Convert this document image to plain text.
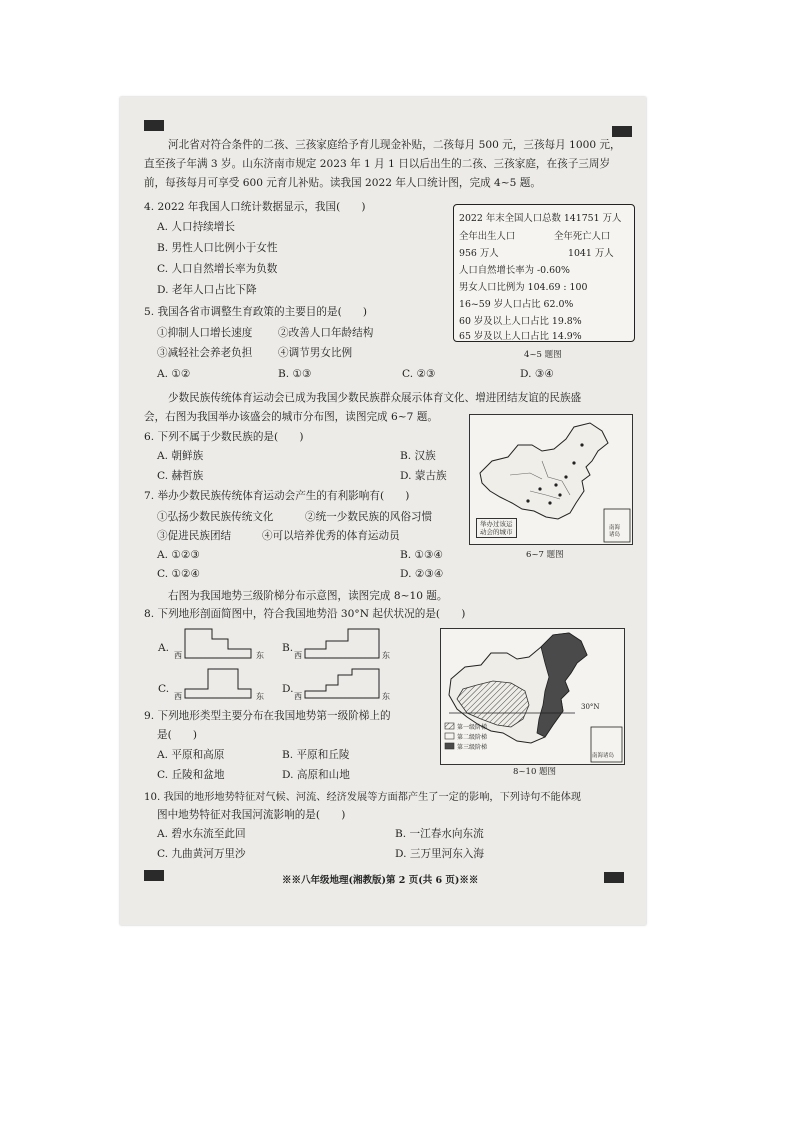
河北省对符合条件的二孩、三孩家庭给予育儿现金补贴，二孩每月 500 元，三孩每月 1000 元，
直至孩子年满 3 岁。山东济南市规定 2023 年 1 月 1 日以后出生的二孩、三孩家庭，在孩子三周岁
前，每孩每月可享受 600 元育儿补贴。读我国 2022 年人口统计图，完成 4~5 题。
4. 2022 年我国人口统计数据显示，我国(　　)
A. 人口持续增长
B. 男性人口比例小于女性
C. 人口自然增长率为负数
D. 老年人口占比下降
2022 年末全国人口总数 141751 万人
全年出生人口	全年死亡人口
956 万人	1041 万人
人口自然增长率为 -0.60%
男女人口比例为 104.69 : 100
16~59 岁人口占比 62.0%
60 岁及以上人口占比 19.8%
65 岁及以上人口占比 14.9%
4~5 题图
5. 我国各省市调整生育政策的主要目的是(　　)
①抑制人口增长速度 ②改善人口年龄结构
③减轻社会养老负担 ④调节男女比例
A. ①②	B. ①③	C. ②③	D. ③④
少数民族传统体育运动会已成为我国少数民族群众展示体育文化、增进团结友谊的民族盛
会，右图为我国举办该盛会的城市分布图，读图完成 6~7 题。
6. 下列不属于少数民族的是(　　)
A. 朝鲜族	B. 汉族
C. 赫哲族	D. 蒙古族
举办过该运
动会的城市	南海
诸岛
6~7 题图
7. 举办少数民族传统体育运动会产生的有利影响有(　　)
①弘扬少数民族传统文化	②统一少数民族的风俗习惯
③促进民族团结	④可以培养优秀的体育运动员
A. ①②③	B. ①③④
C. ①②④	D. ②③④
右图为我国地势三级阶梯分布示意图，读图完成 8~10 题。
8. 下列地形剖面简图中，符合我国地势沿 30°N 起伏状况的是(　　)
A.
西	东
B.
西	东
C.
西	东
D.
西	东
30°N
第一级阶梯
第二级阶梯
第三级阶梯
南海诸岛
8~10 题图
9. 下列地形类型主要分布在我国地势第一级阶梯上的
是(　　)
A. 平原和高原	B. 平原和丘陵
C. 丘陵和盆地	D. 高原和山地
10. 我国的地形地势特征对气候、河流、经济发展等方面都产生了一定的影响，下列诗句不能体现
图中地势特征对我国河流影响的是(　　)
A. 碧水东流至此回	B. 一江春水向东流
C. 九曲黄河万里沙	D. 三万里河东入海
※※八年级地理(湘教版)第 2 页(共 6 页)※※
